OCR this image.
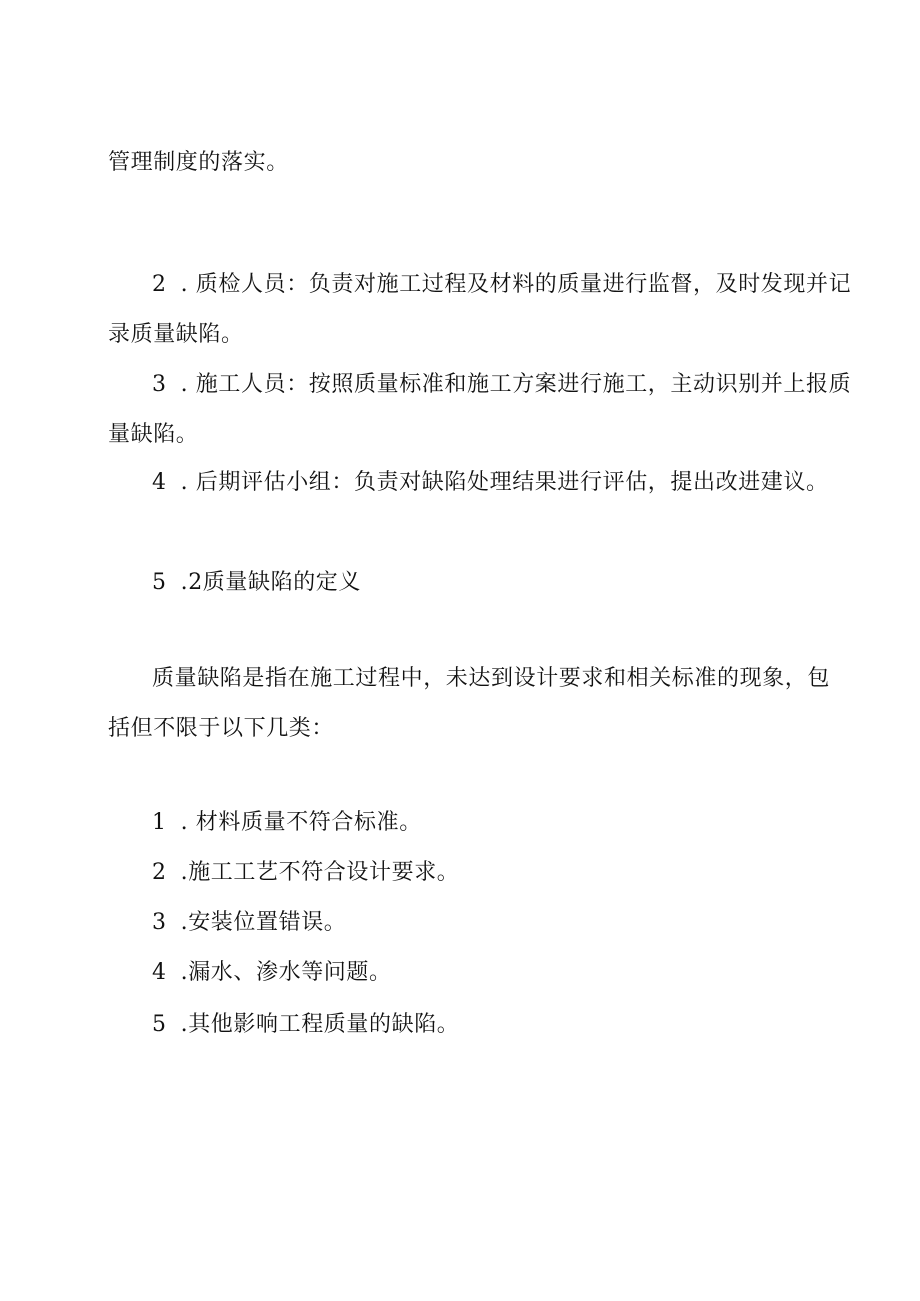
管理制度的落实。
2 . 质检人员：负责对施工过程及材料的质量进行监督，及时发现并记
录质量缺陷。
3 . 施工人员：按照质量标准和施工方案进行施工，主动识别并上报质
量缺陷。
4 . 后期评估小组：负责对缺陷处理结果进行评估，提出改进建议。
5 .2质量缺陷的定义
质量缺陷是指在施工过程中，未达到设计要求和相关标准的现象，包
括但不限于以下几类：
1 . 材料质量不符合标准。
2 .施工工艺不符合设计要求。
3 .安装位置错误。
4 .漏水、渗水等问题。
5 .其他影响工程质量的缺陷。
